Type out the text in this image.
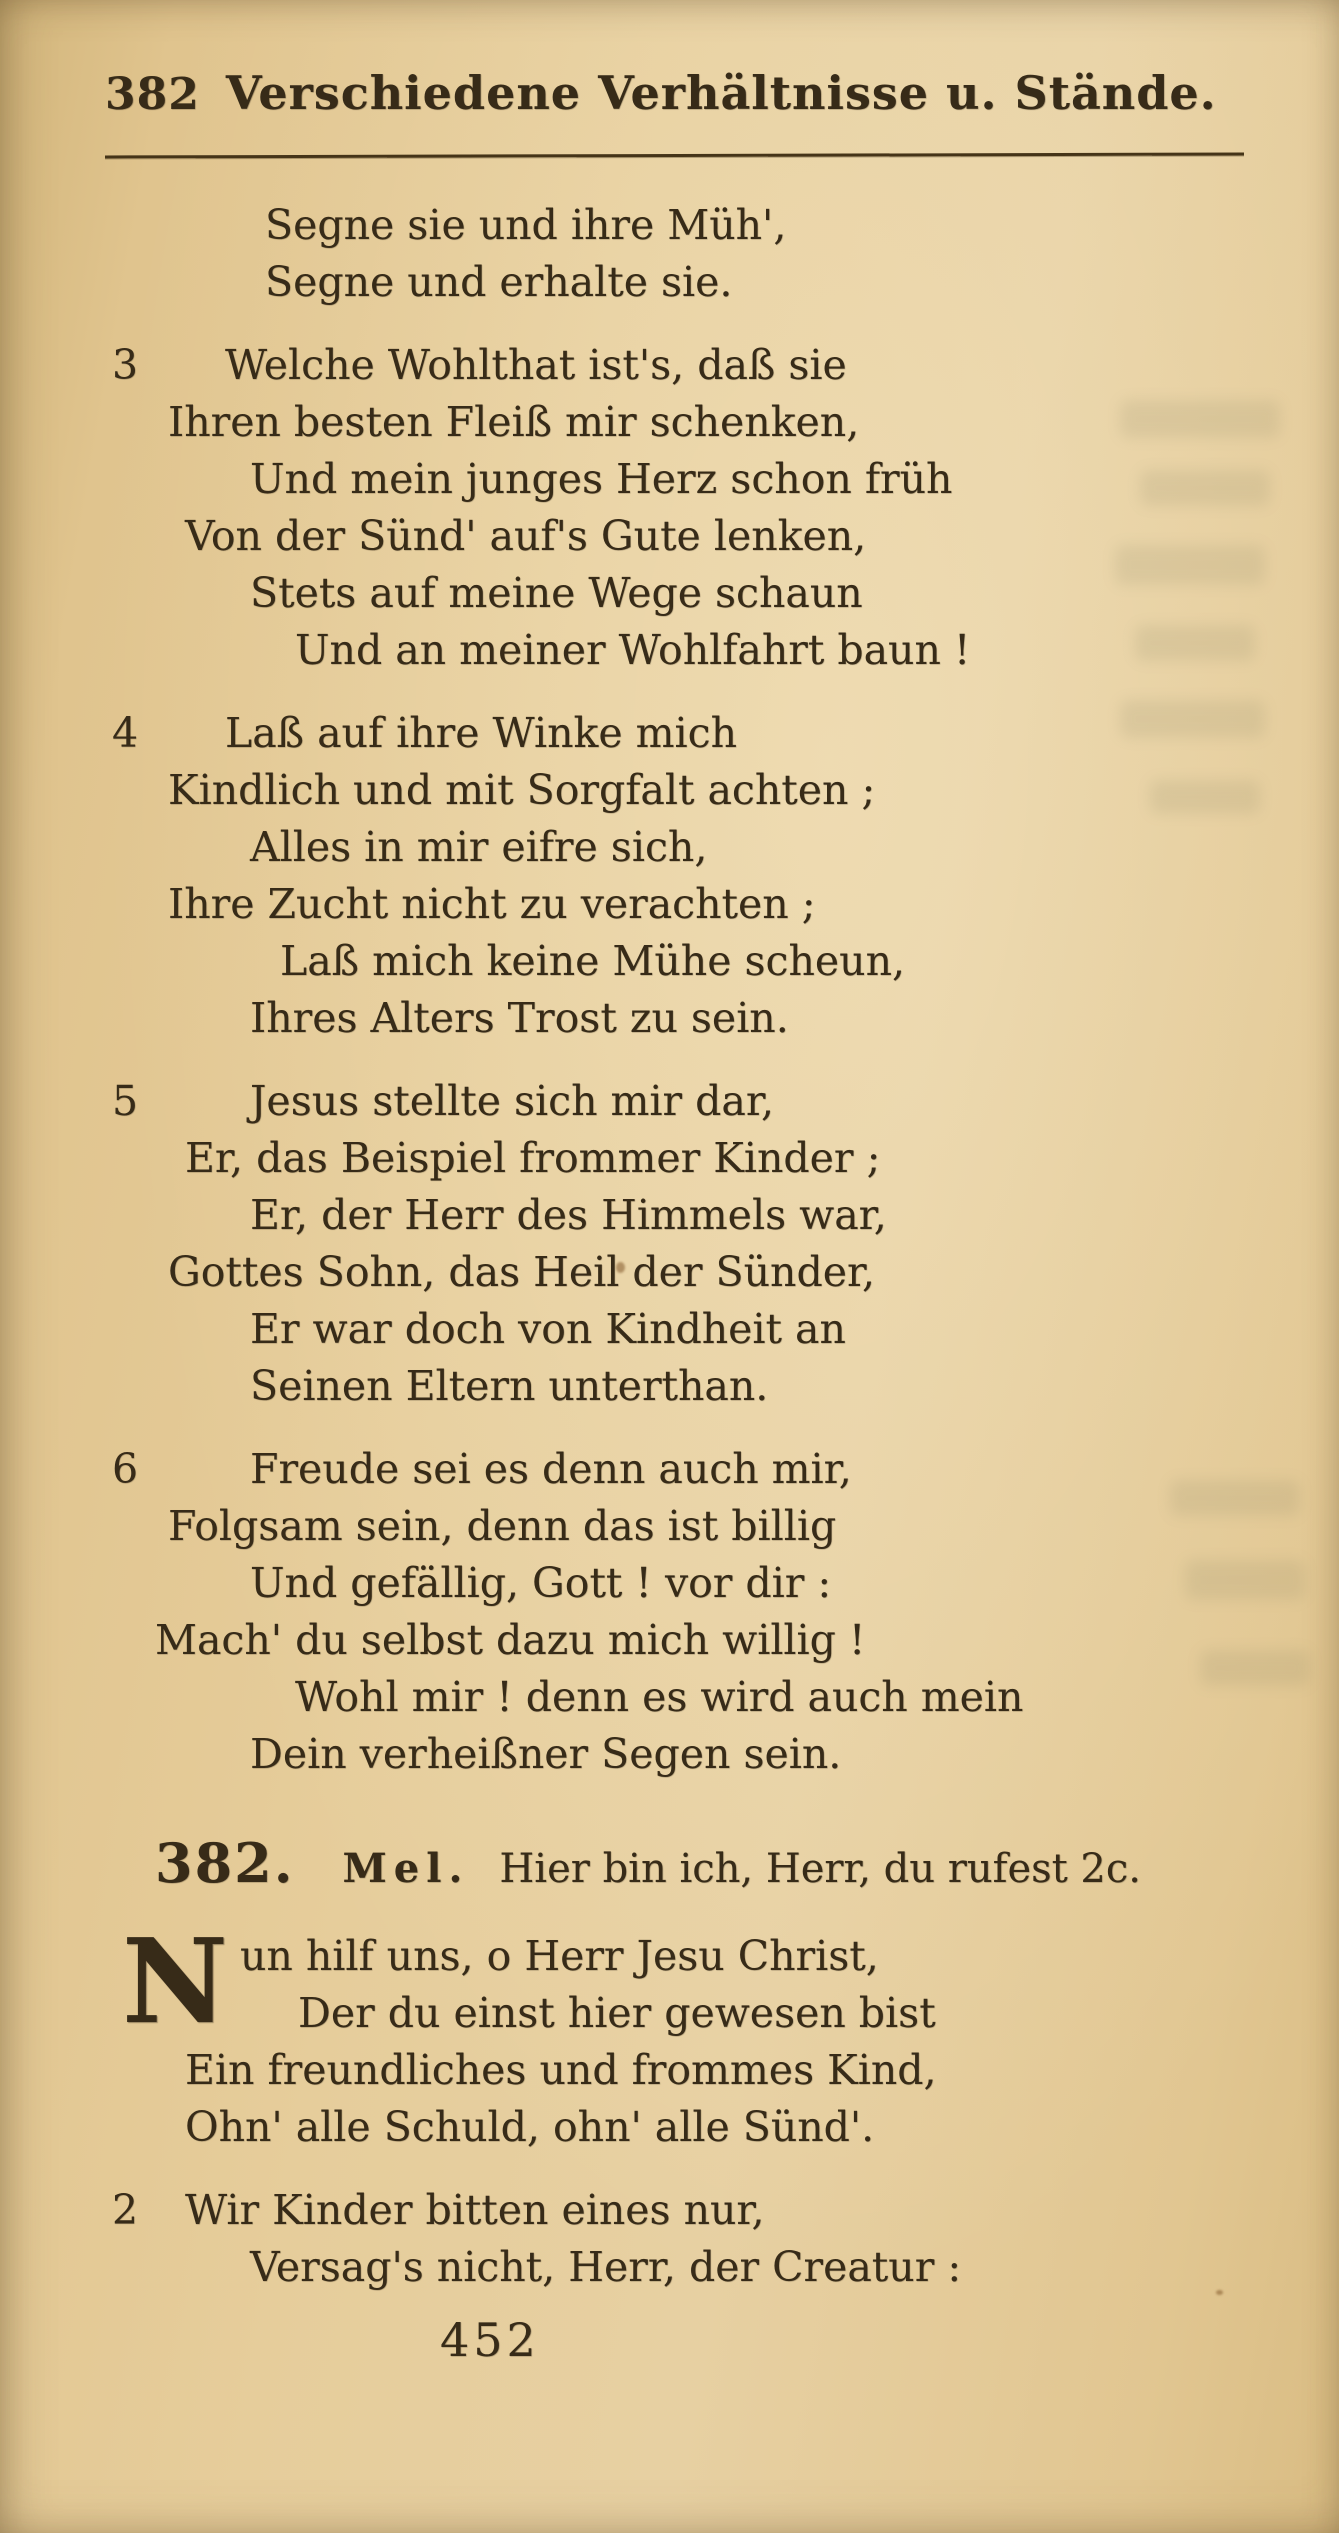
382 Verschiedene Verhältnisse u. Stände.

Segne sie und ihre Müh',

Segne und erhalte sie.

3 Welche Wohlthat ist's, daß sie

Ihren besten Fleiß mir schenken,

Und mein junges Herz schon früh

Von der Sünd' auf's Gute lenken,

Stets auf meine Wege schaun

Und an meiner Wohlfahrt baun !

4 Laß auf ihre Winke mich

Kindlich und mit Sorgfalt achten ;

Alles in mir eifre sich,

Ihre Zucht nicht zu verachten ;

Laß mich keine Mühe scheun,

Ihres Alters Trost zu sein.

5	Jesus stellte sich mir dar,

Er, das Beispiel frommer Kinder ;

Er, der Herr des Himmels war,

Gottes Sohn, das Heil der Sünder,

Er war doch von Kindheit an

Seinen Eltern unterthan.

6	Freude sei es denn auch mir,

Folgsam sein, denn das ist billig

Und gefällig, Gott ! vor dir :

Mach' du selbst dazu mich willig !

Wohl mir ! denn es wird auch mein

Dein verheißner Segen sein.

382. Mel. Hier bin ich, Herr, du rufest 2c.
N un hilf uns, o Herr Jesu Christ,

Der du einst hier gewesen bist

Ein freundliches und frommes Kind,

Ohn' alle Schuld, ohn' alle Sünd'.

2 Wir Kinder bitten eines nur,

Versag's nicht, Herr, der Creatur :

452
